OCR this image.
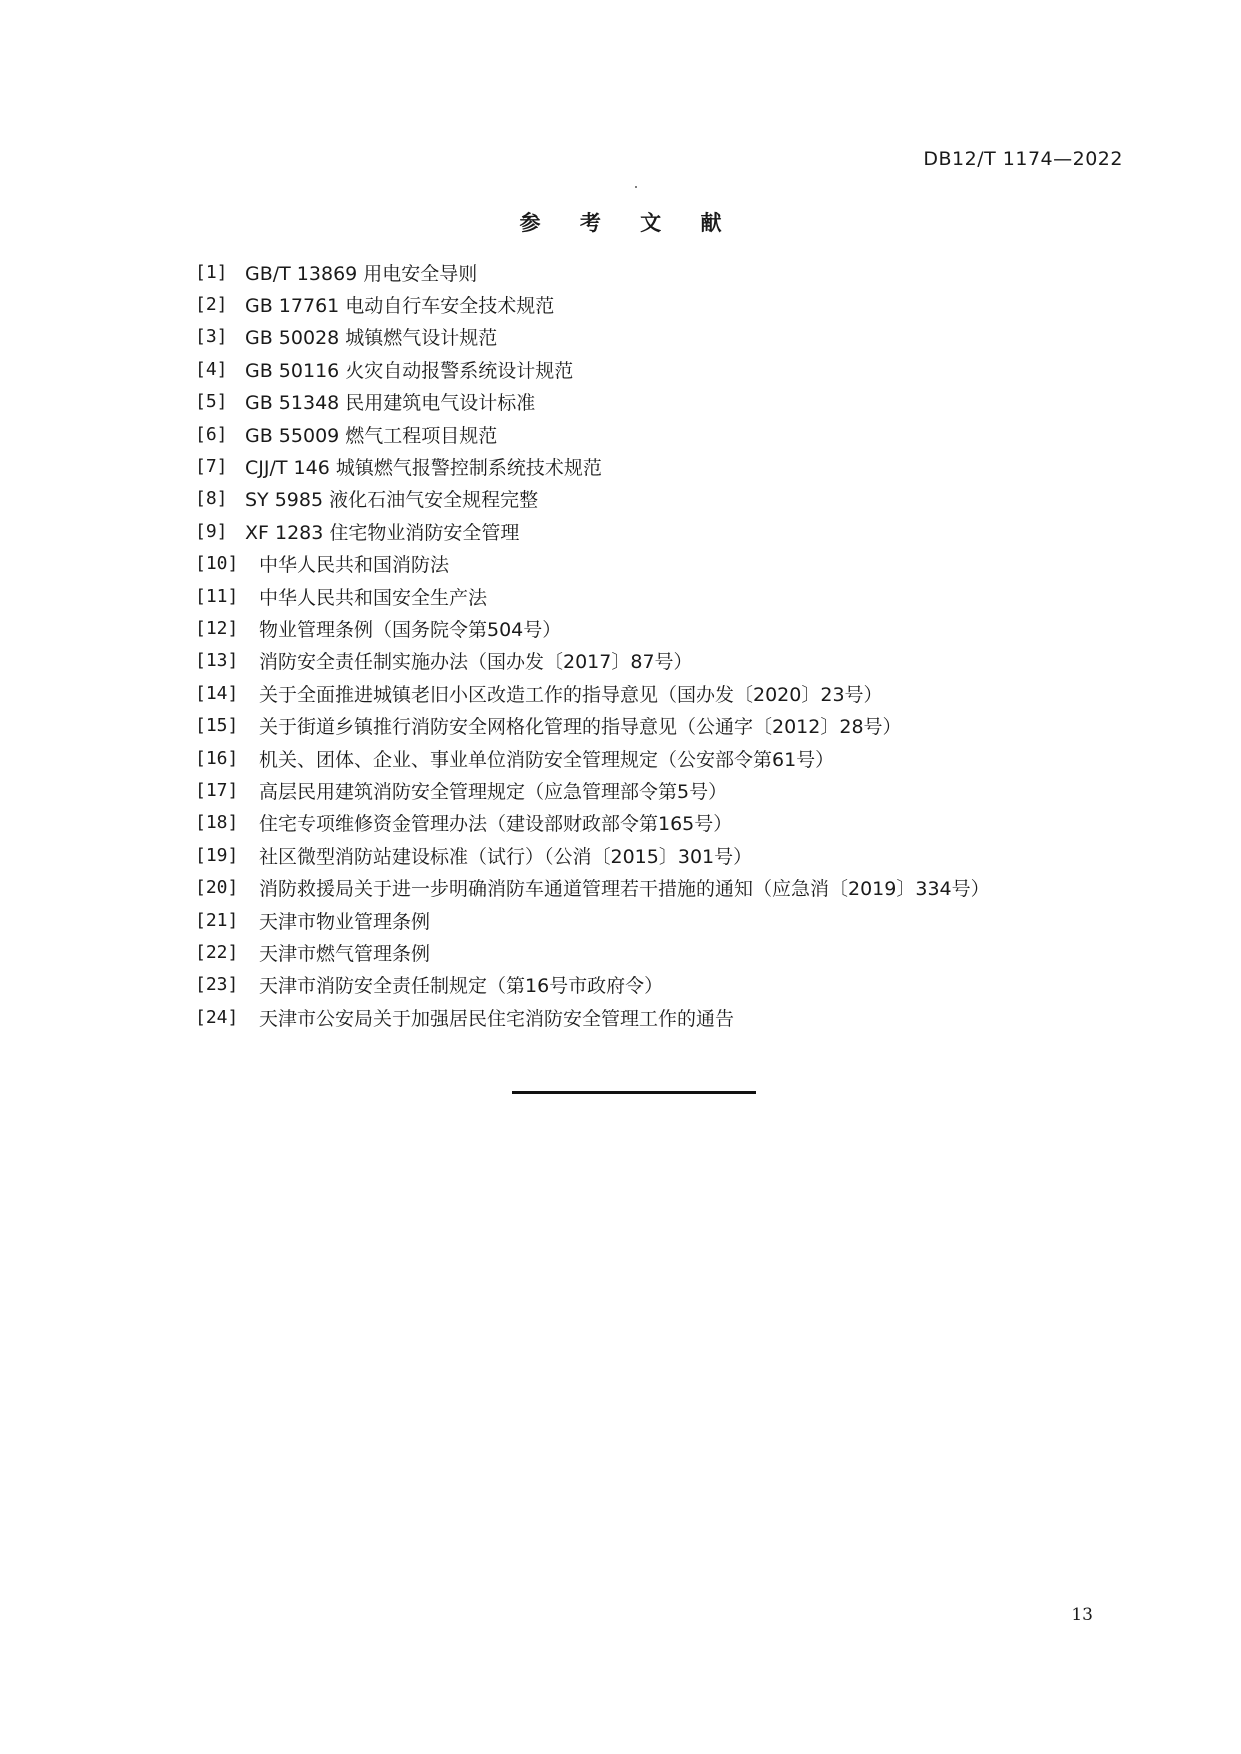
DB12/T 1174—2022
参 考 文 献
[1] GB/T 13869 用电安全导则
[2] GB 17761 电动自行车安全技术规范
[3] GB 50028 城镇燃气设计规范
[4] GB 50116 火灾自动报警系统设计规范
[5] GB 51348 民用建筑电气设计标准
[6] GB 55009 燃气工程项目规范
[7] CJJ/T 146 城镇燃气报警控制系统技术规范
[8] SY 5985 液化石油气安全规程完整
[9] XF 1283 住宅物业消防安全管理
[10]	中华人民共和国消防法
[11]	中华人民共和国安全生产法
[12]	物业管理条例（国务院令第504号）
[13]	消防安全责任制实施办法（国办发〔2017〕87号）
[14]	关于全面推进城镇老旧小区改造工作的指导意见（国办发〔2020〕23号）
[15]	关于街道乡镇推行消防安全网格化管理的指导意见（公通字〔2012〕28号）
[16]	机关、团体、企业、事业单位消防安全管理规定（公安部令第61号）
[17]	高层民用建筑消防安全管理规定（应急管理部令第5号）
[18]	住宅专项维修资金管理办法（建设部财政部令第165号）
[19]	社区微型消防站建设标准（试行）（公消〔2015〕301号）
[20]	消防救援局关于进一步明确消防车通道管理若干措施的通知（应急消〔2019〕334号）
[21]	天津市物业管理条例
[22]	天津市燃气管理条例
[23]	天津市消防安全责任制规定（第16号市政府令）
[24]	天津市公安局关于加强居民住宅消防安全管理工作的通告
13
